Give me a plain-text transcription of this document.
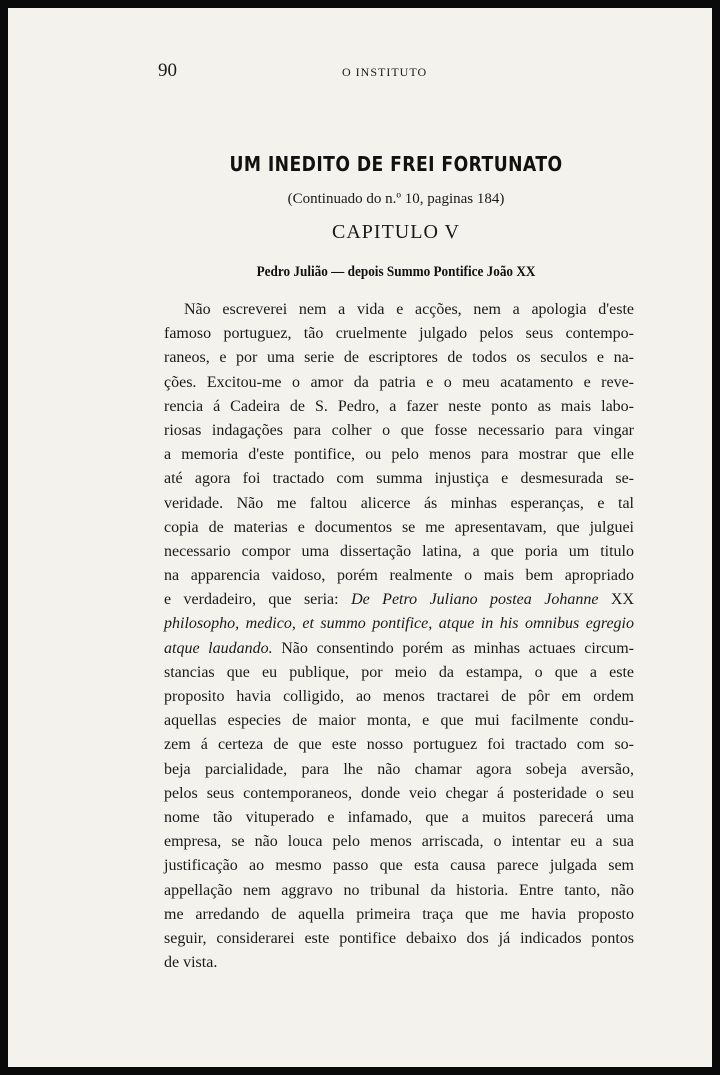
90	O INSTITUTO
UM INEDITO DE FREI FORTUNATO
(Continuado do n.º 10, paginas 184)
CAPITULO V
Pedro Julião — depois Summo Pontifice João XX
Não escreverei nem a vida e acções, nem a apologia d'este
famoso portuguez, tão cruelmente julgado pelos seus contempo-
raneos, e por uma serie de escriptores de todos os seculos e na-
ções. Excitou-me o amor da patria e o meu acatamento e reve-
rencia á Cadeira de S. Pedro, a fazer neste ponto as mais labo-
riosas indagações para colher o que fosse necessario para vingar
a memoria d'este pontifice, ou pelo menos para mostrar que elle
até agora foi tractado com summa injustiça e desmesurada se-
veridade. Não me faltou alicerce ás minhas esperanças, e tal
copia de materias e documentos se me apresentavam, que julguei
necessario compor uma dissertação latina, a que poria um titulo
na apparencia vaidoso, porém realmente o mais bem apropriado
e verdadeiro, que seria: De Petro Juliano postea Johanne XX
philosopho, medico, et summo pontifice, atque in his omnibus egregio
atque laudando. Não consentindo porém as minhas actuaes circum-
stancias que eu publique, por meio da estampa, o que a este
proposito havia colligido, ao menos tractarei de pôr em ordem
aquellas especies de maior monta, e que mui facilmente condu-
zem á certeza de que este nosso portuguez foi tractado com so-
beja parcialidade, para lhe não chamar agora sobeja aversão,
pelos seus contemporaneos, donde veio chegar á posteridade o seu
nome tão vituperado e infamado, que a muitos parecerá uma
empresa, se não louca pelo menos arriscada, o intentar eu a sua
justificação ao mesmo passo que esta causa parece julgada sem
appellação nem aggravo no tribunal da historia. Entre tanto, não
me arredando de aquella primeira traça que me havia proposto
seguir, considerarei este pontifice debaixo dos já indicados pontos
de vista.
